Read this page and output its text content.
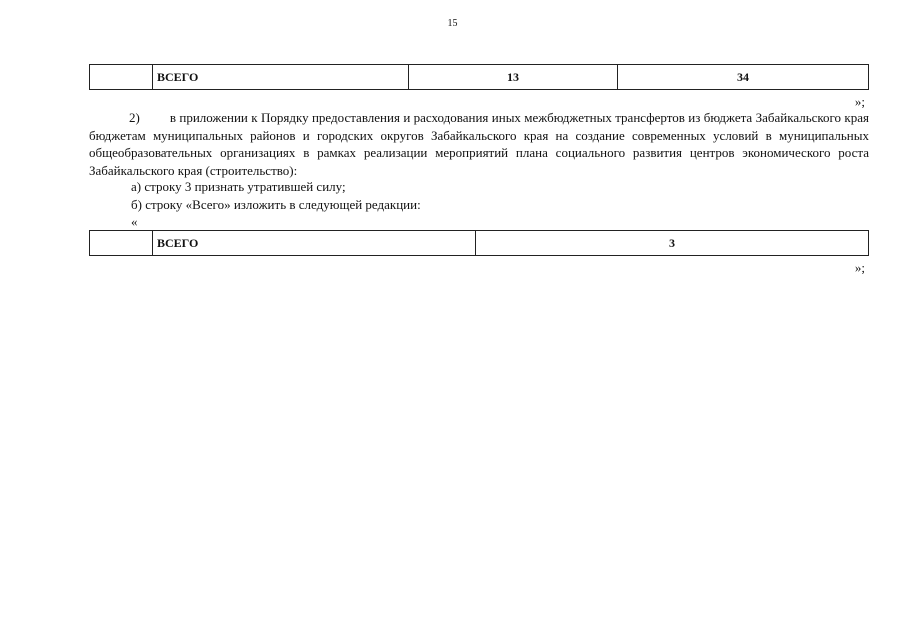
15
	ВСЕГО	13	34
»;
2) в приложении к Порядку предоставления и расходования иных межбюджетных трансфертов из бюджета Забайкальского края бюджетам муниципальных районов и городских округов Забайкальского края на создание современных условий в муниципальных общеобразовательных организациях в рамках реализации мероприятий плана социального развития центров экономического роста Забайкальского края (строительство):
а) строку 3 признать утратившей силу;
б) строку «Всего» изложить в следующей редакции:
«
	ВСЕГО	3
»;
